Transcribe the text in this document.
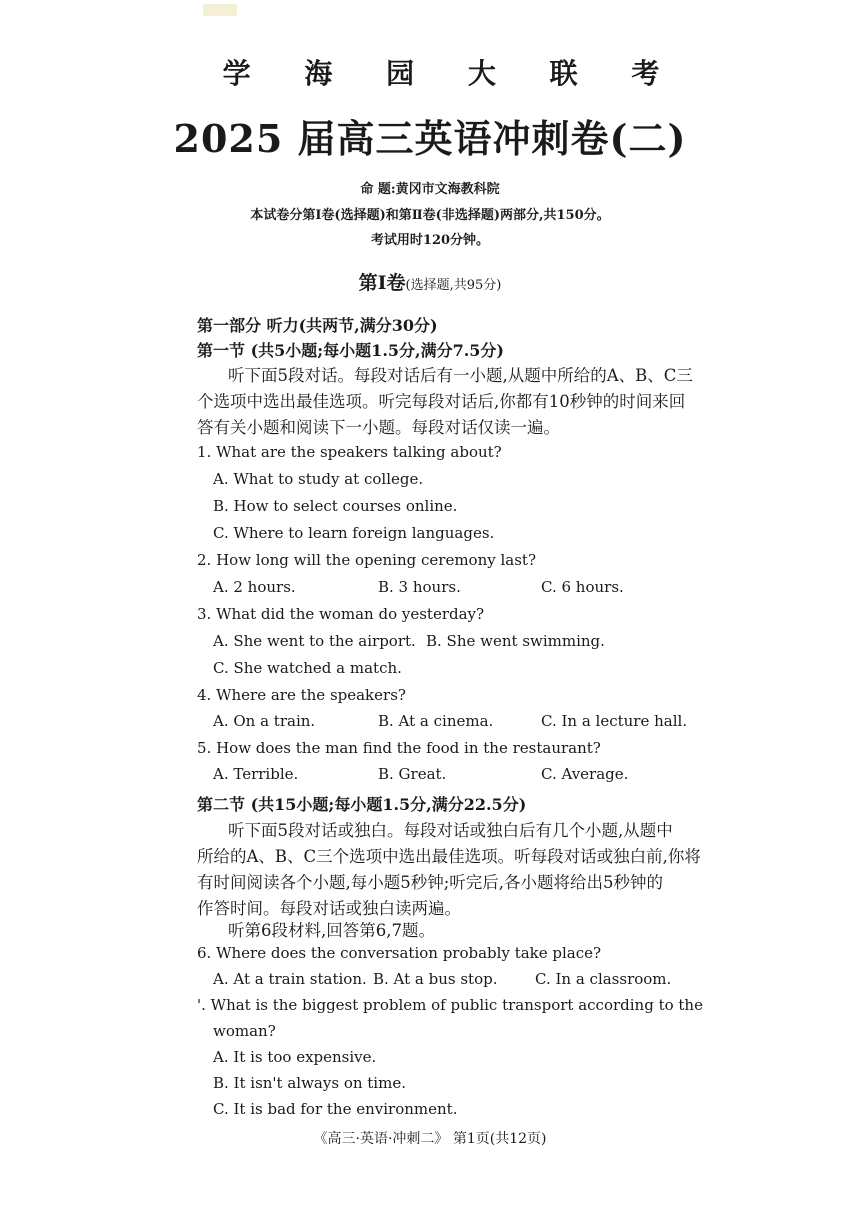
学 海 园 大 联 考
2025 届高三英语冲刺卷(二)
命 题:黄冈市文海教科院
本试卷分第Ⅰ卷(选择题)和第Ⅱ卷(非选择题)两部分,共150分。
考试用时120分钟。
第Ⅰ卷(选择题,共95分)
第一部分 听力(共两节,满分30分)
第一节 (共5小题;每小题1.5分,满分7.5分)
听下面5段对话。每段对话后有一小题,从题中所给的A、B、C三
个选项中选出最佳选项。听完每段对话后,你都有10秒钟的时间来回
答有关小题和阅读下一小题。每段对话仅读一遍。
1. What are the speakers talking about?
A. What to study at college.
B. How to select courses online.
C. Where to learn foreign languages.
2. How long will the opening ceremony last?
A. 2 hours.	B. 3 hours.	C. 6 hours.
3. What did the woman do yesterday?
A. She went to the airport. B. She went swimming.
C. She watched a match.
4. Where are the speakers?
A. On a train.	B. At a cinema.	C. In a lecture hall.
5. How does the man find the food in the restaurant?
A. Terrible.	B. Great.	C. Average.
第二节 (共15小题;每小题1.5分,满分22.5分)
听下面5段对话或独白。每段对话或独白后有几个小题,从题中
所给的A、B、C三个选项中选出最佳选项。听每段对话或独白前,你将
有时间阅读各个小题,每小题5秒钟;听完后,各小题将给出5秒钟的
作答时间。每段对话或独白读两遍。
听第6段材料,回答第6,7题。
6. Where does the conversation probably take place?
A. At a train station. B. At a bus stop.	C. In a classroom.
'. What is the biggest problem of public transport according to the
woman?
A. It is too expensive.
B. It isn't always on time.
C. It is bad for the environment.
《高三·英语·冲刺二》 第1页(共12页)
